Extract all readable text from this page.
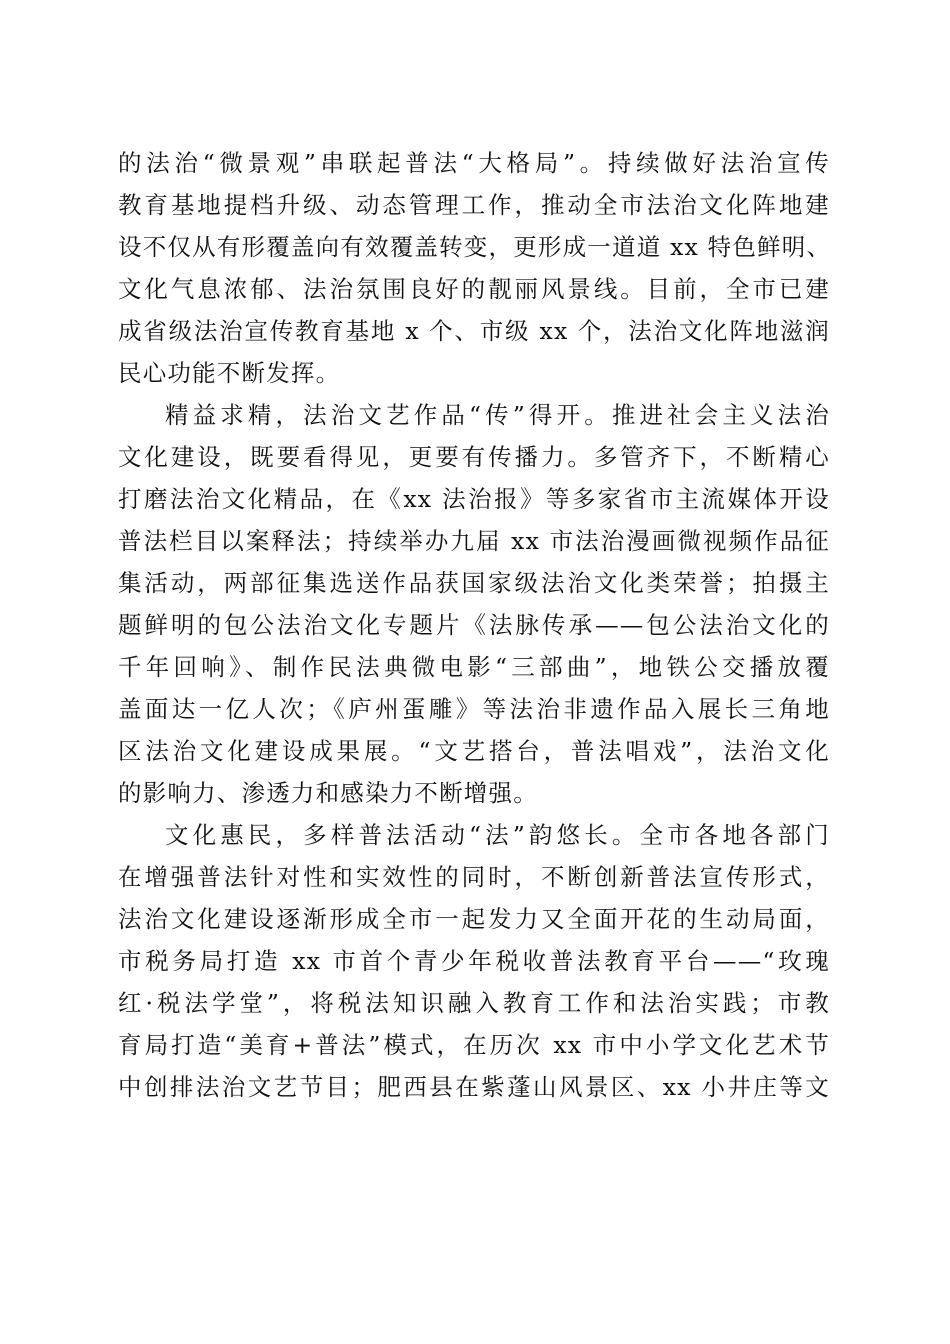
的法治“微景观”串联起普法“大格局”。持续做好法治宣传
教育基地提档升级、动态管理工作，推动全市法治文化阵地建
设不仅从有形覆盖向有效覆盖转变，更形成一道道 xx 特色鲜明、
文化气息浓郁、法治氛围良好的靓丽风景线。目前，全市已建
成省级法治宣传教育基地 x 个、市级 xx 个，法治文化阵地滋润
民心功能不断发挥。
精益求精，法治文艺作品“传”得开。推进社会主义法治
文化建设，既要看得见，更要有传播力。多管齐下，不断精心
打磨法治文化精品，在《xx 法治报》等多家省市主流媒体开设
普法栏目以案释法；持续举办九届 xx 市法治漫画微视频作品征
集活动，两部征集选送作品获国家级法治文化类荣誉；拍摄主
题鲜明的包公法治文化专题片《法脉传承——包公法治文化的
千年回响》、制作民法典微电影“三部曲”，地铁公交播放覆
盖面达一亿人次；《庐州蛋雕》等法治非遗作品入展长三角地
区法治文化建设成果展。“文艺搭台，普法唱戏”，法治文化
的影响力、渗透力和感染力不断增强。
文化惠民，多样普法活动“法”韵悠长。全市各地各部门
在增强普法针对性和实效性的同时，不断创新普法宣传形式，
法治文化建设逐渐形成全市一起发力又全面开花的生动局面，
市税务局打造 xx 市首个青少年税收普法教育平台——“玫瑰
红·税法学堂”，将税法知识融入教育工作和法治实践；市教
育局打造“美育+普法”模式，在历次 xx 市中小学文化艺术节
中创排法治文艺节目；肥西县在紫蓬山风景区、xx 小井庄等文
